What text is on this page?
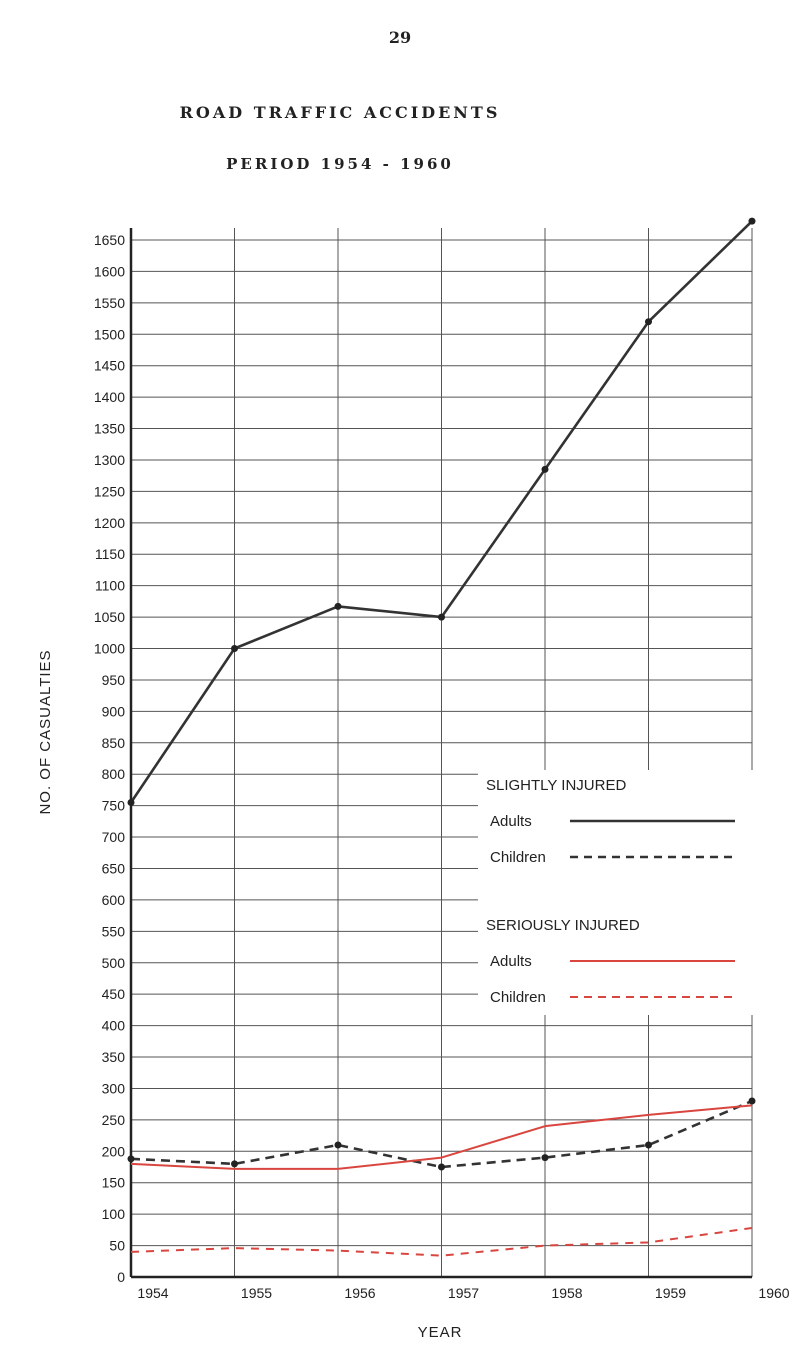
29
ROAD TRAFFIC ACCIDENTS
PERIOD 1954 - 1960
0
50
100
150
200
250
300
350
400
450
500
550
600
650
700
750
800
850
900
950
1000
1050
1100
1150
1200
1250
1300
1350
1400
1450
1500
1550
1600
1650
1954	1955	1956	1957	1958	1959	1960
SLIGHTLY INJURED
Adults
Children
SERIOUSLY INJURED
Adults
Children
YEAR
NO. OF CASUALTIES
